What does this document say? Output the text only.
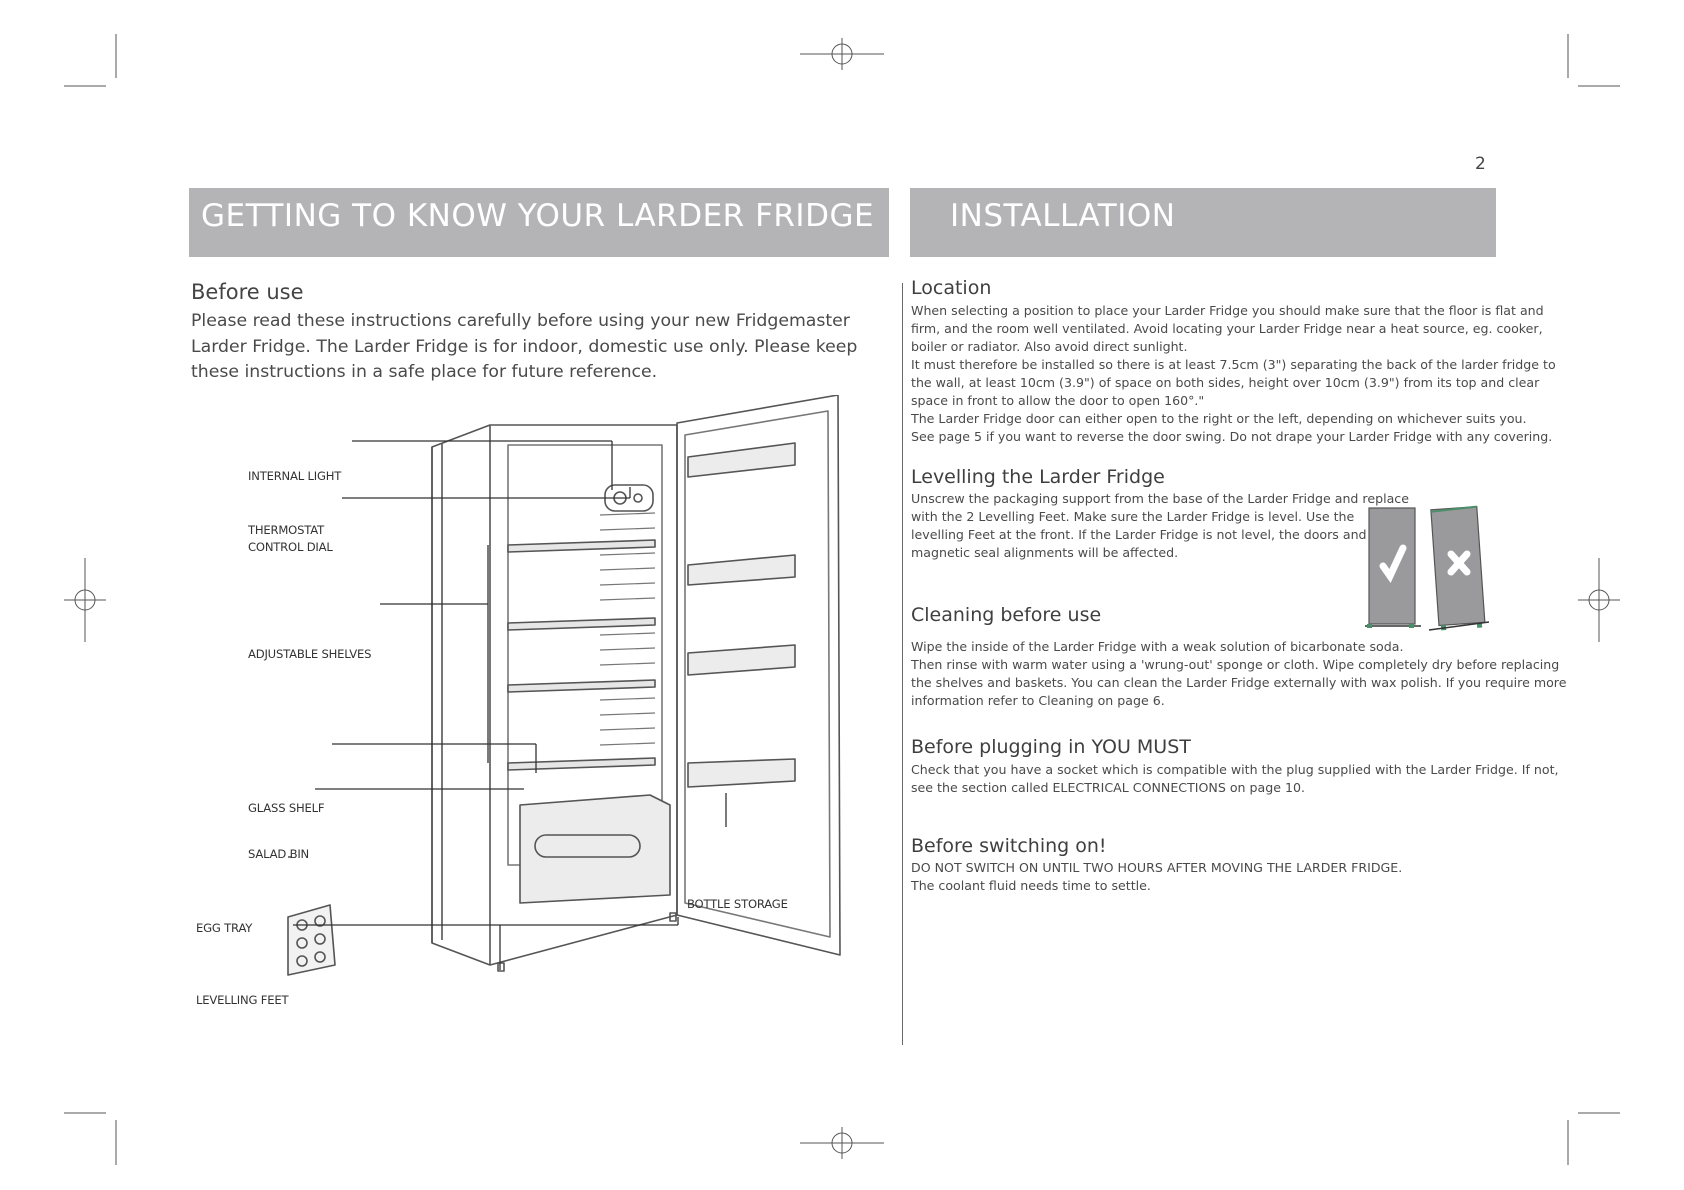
2
GETTING TO KNOW YOUR LARDER FRIDGE	INSTALLATION
Before use
Please read these instructions carefully before using your new Fridgemaster Larder Fridge. The Larder Fridge is for indoor, domestic use only. Please keep these instructions in a safe place for future reference.
INTERNAL LIGHT
THERMOSTAT
CONTROL DIAL
ADJUSTABLE SHELVES
GLASS SHELF
SALAD BIN
EGG TRAY
LEVELLING FEET
BOTTLE STORAGE
Location
When selecting a position to place your Larder Fridge you should make sure that the floor is flat and
firm, and the room well ventilated. Avoid locating your Larder Fridge near a heat source, eg. cooker,
boiler or radiator. Also avoid direct sunlight.
It must therefore be installed so there is at least 7.5cm (3") separating the back of the larder fridge to
the wall, at least 10cm (3.9") of space on both sides, height over 10cm (3.9") from its top and clear
space in front to allow the door to open 160°."
The Larder Fridge door can either open to the right or the left, depending on whichever suits you.
See page 5 if you want to reverse the door swing. Do not drape your Larder Fridge with any covering.
Levelling the Larder Fridge
Unscrew the packaging support from the base of the Larder Fridge and replace
with the 2 Levelling Feet. Make sure the Larder Fridge is level. Use the
levelling Feet at the front. If the Larder Fridge is not level, the doors and
magnetic seal alignments will be affected.
Cleaning before use
Wipe the inside of the Larder Fridge with a weak solution of bicarbonate soda.
Then rinse with warm water using a 'wrung-out' sponge or cloth. Wipe completely dry before replacing
the shelves and baskets. You can clean the Larder Fridge externally with wax polish. If you require more
information refer to Cleaning on page 6.
Before plugging in YOU MUST
Check that you have a socket which is compatible with the plug supplied with the Larder Fridge. If not,
see the section called ELECTRICAL CONNECTIONS on page 10.
Before switching on!
DO NOT SWITCH ON UNTIL TWO HOURS AFTER MOVING THE LARDER FRIDGE.
The coolant fluid needs time to settle.
